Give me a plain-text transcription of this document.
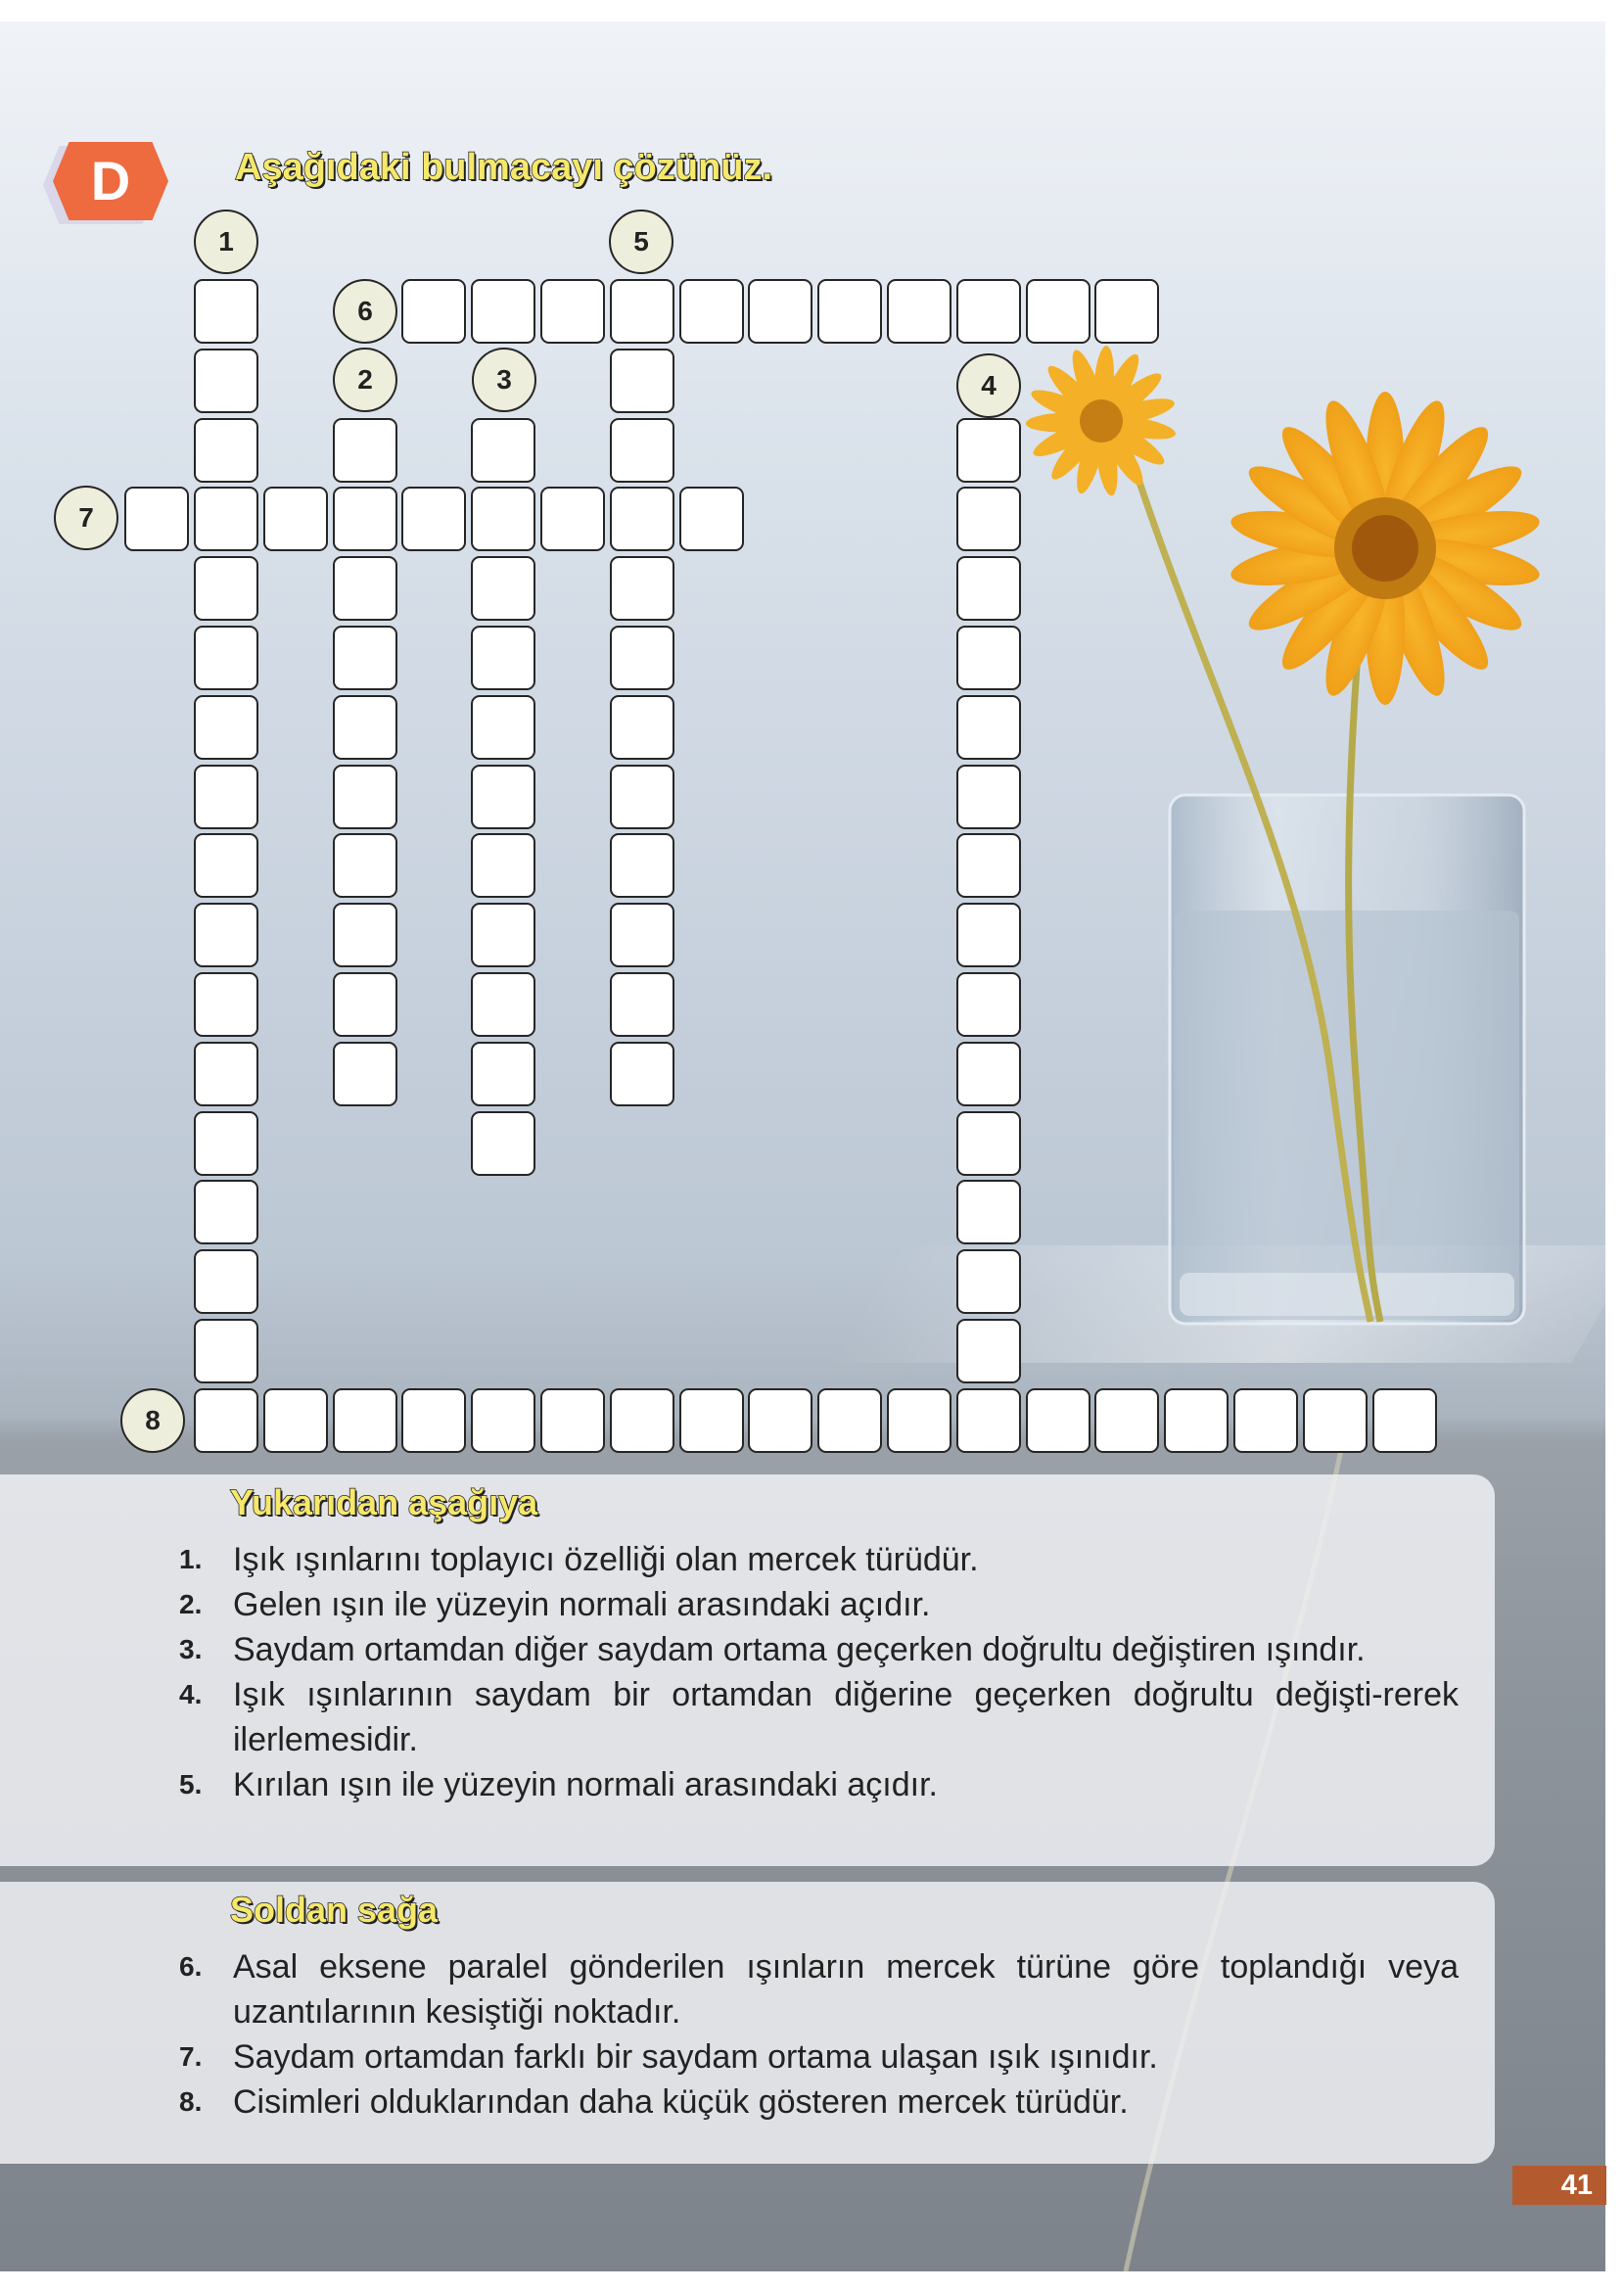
D	Aşağıdaki bulmacayı çözünüz.
1
2	3	4
5
6
7
8
Yukarıdan aşağıya
1. Işık ışınlarını toplayıcı özelliği olan mercek türüdür.
2. Gelen ışın ile yüzeyin normali arasındaki açıdır.
3. Saydam ortamdan diğer saydam ortama geçerken doğrultu değiştiren ışındır.
4. Işık ışınlarının saydam bir ortamdan diğerine geçerken doğrultu değişti-rerek ilerlemesidir.
5. Kırılan ışın ile yüzeyin normali arasındaki açıdır.
Soldan sağa
6. Asal eksene paralel gönderilen ışınların mercek türüne göre toplandığı veya uzantılarının kesiştiği noktadır.
7. Saydam ortamdan farklı bir saydam ortama ulaşan ışık ışınıdır.
8. Cisimleri olduklarından daha küçük gösteren mercek türüdür.
41
